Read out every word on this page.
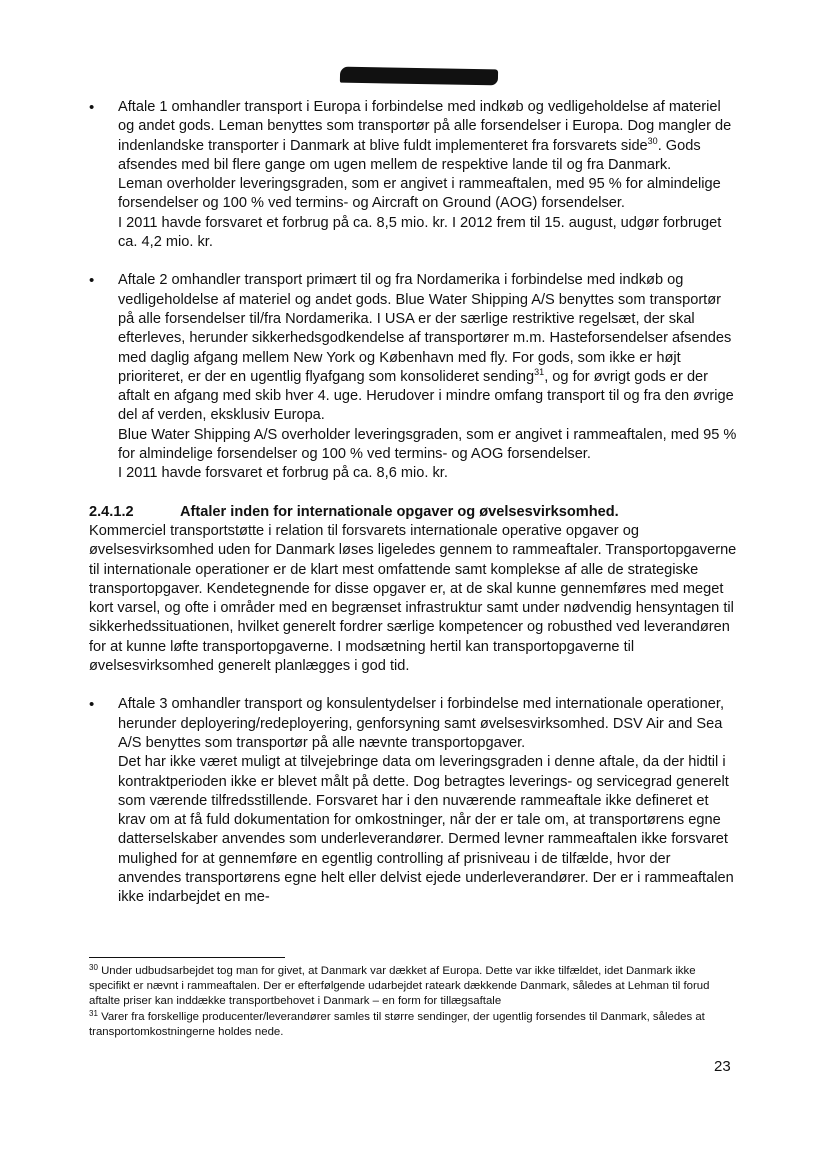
• Aftale 1 omhandler transport i Europa i forbindelse med indkøb og vedligeholdelse af materiel og andet gods. Leman benyttes som transportør på alle forsendelser i Europa. Dog mangler de indenlandske transporter i Danmark at blive fuldt implementeret fra forsvarets side$^{30}$. Gods afsendes med bil flere gange om ugen mellem de respektive lande til og fra Danmark.

Leman overholder leveringsgraden, som er angivet i rammeaftalen, med 95 % for almindelige forsendelser og 100 % ved termins- og Aircraft on Ground (AOG) forsendelser.

I 2011 havde forsvaret et forbrug på ca. 8,5 mio. kr. I 2012 frem til 15. august, udgør forbruget ca. 4,2 mio. kr.

• Aftale 2 omhandler transport primært til og fra Nordamerika i forbindelse med indkøb og vedligeholdelse af materiel og andet gods. Blue Water Shipping A/S benyttes som transportør på alle forsendelser til/fra Nordamerika. I USA er der særlige restriktive regelsæt, der skal efterleves, herunder sikkerhedsgodkendelse af transportører m.m. Hasteforsendelser afsendes med daglig afgang mellem New York og København med fly. For gods, som ikke er højt prioriteret, er der en ugentlig flyafgang som konsolideret sending$^{31}$, og for øvrigt gods er der aftalt en afgang med skib hver 4. uge. Herudover i mindre omfang transport til og fra den øvrige del af verden, eksklusiv Europa.

Blue Water Shipping A/S overholder leveringsgraden, som er angivet i rammeaftalen, med 95 % for almindelige forsendelser og 100 % ved termins- og AOG forsendelser.

I 2011 havde forsvaret et forbrug på ca. 8,6 mio. kr.

2.4.1.2	Aftaler inden for internationale opgaver og øvelsesvirksomhed.

Kommerciel transportstøtte i relation til forsvarets internationale operative opgaver og øvelsesvirksomhed uden for Danmark løses ligeledes gennem to rammeaftaler. Transportopgaverne til internationale operationer er de klart mest omfattende samt komplekse af alle de strategiske transportopgaver. Kendetegnende for disse opgaver er, at de skal kunne gennemføres med meget kort varsel, og ofte i områder med en begrænset infrastruktur samt under nødvendig hensyntagen til sikkerhedssituationen, hvilket generelt fordrer særlige kompetencer og robusthed ved leverandøren for at kunne løfte transportopgaverne. I modsætning hertil kan transportopgaverne til øvelsesvirksomhed generelt planlægges i god tid.

• Aftale 3 omhandler transport og konsulentydelser i forbindelse med internationale operationer, herunder deployering/redeployering, genforsyning samt øvelsesvirksomhed. DSV Air and Sea A/S benyttes som transportør på alle nævnte transportopgaver.

Det har ikke været muligt at tilvejebringe data om leveringsgraden i denne aftale, da der hidtil i kontraktperioden ikke er blevet målt på dette. Dog betragtes leverings- og servicegrad generelt som værende tilfredsstillende. Forsvaret har i den nuværende rammeaftale ikke defineret et krav om at få fuld dokumentation for omkostninger, når der er tale om, at transportørens egne datterselskaber anvendes som underleverandører. Dermed levner rammeaftalen ikke forsvaret mulighed for at gennemføre en egentlig controlling af prisniveau i de tilfælde, hvor der anvendes transportørens egne helt eller delvist ejede underleverandører. Der er i rammeaftalen ikke indarbejdet en me-

$^{30}$ Under udbudsarbejdet tog man for givet, at Danmark var dækket af Europa. Dette var ikke tilfældet, idet Danmark ikke specifikt er nævnt i rammeaftalen. Der er efterfølgende udarbejdet rateark dækkende Danmark, således at Lehman til forud aftalte priser kan inddække transportbehovet i Danmark – en form for tillægsaftale

$^{31}$ Varer fra forskellige producenter/leverandører samles til større sendinger, der ugentlig forsendes til Danmark, således at transportomkostningerne holdes nede.

23
